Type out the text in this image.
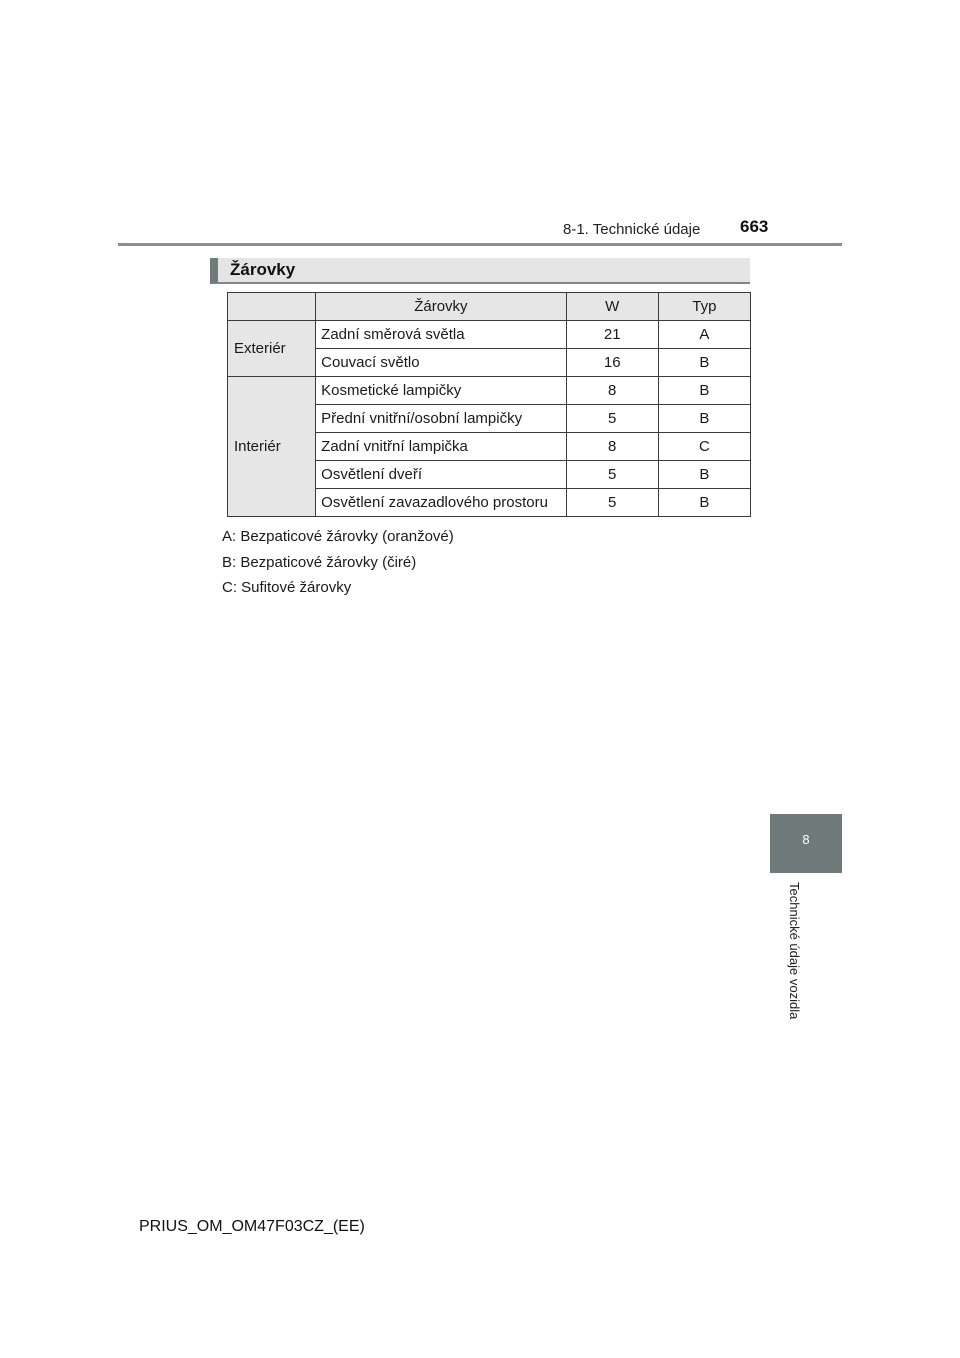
8-1. Technické údaje 663
Žárovky
	Žárovky	W	Typ
Exteriér	Zadní směrová světla	21	A
	Couvací světlo	16	B
Interiér	Kosmetické lampičky	8	B
	Přední vnitřní/osobní lampičky	5	B
	Zadní vnitřní lampička	8	C
	Osvětlení dveří	5	B
	Osvětlení zavazadlového prostoru	5	B

A: Bezpaticové žárovky (oranžové)

B: Bezpaticové žárovky (čiré)

C: Sufitové žárovky

8
Technické údaje vozidla
PRIUS_OM_OM47F03CZ_(EE)
